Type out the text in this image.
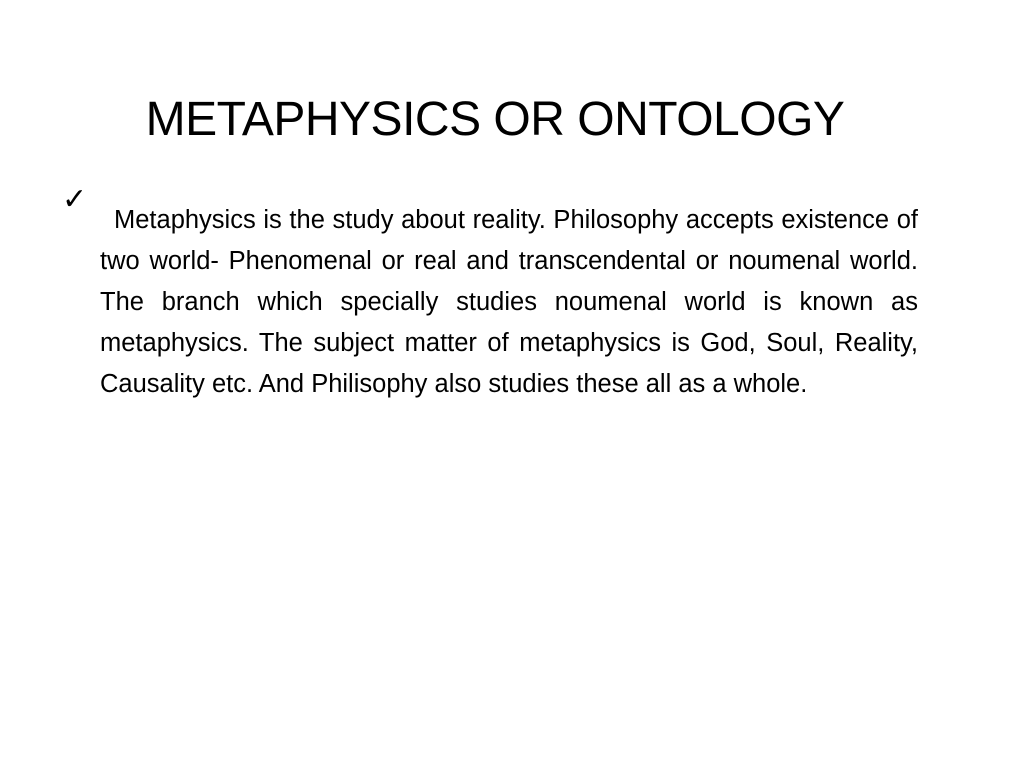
METAPHYSICS OR ONTOLOGY
✓

Metaphysics is the study about reality. Philosophy accepts existence of two world- Phenomenal or real and transcendental or noumenal world. The branch which specially studies noumenal world is known as metaphysics. The subject matter of metaphysics is God, Soul, Reality, Causality etc. And Philisophy also studies these all as a whole.
